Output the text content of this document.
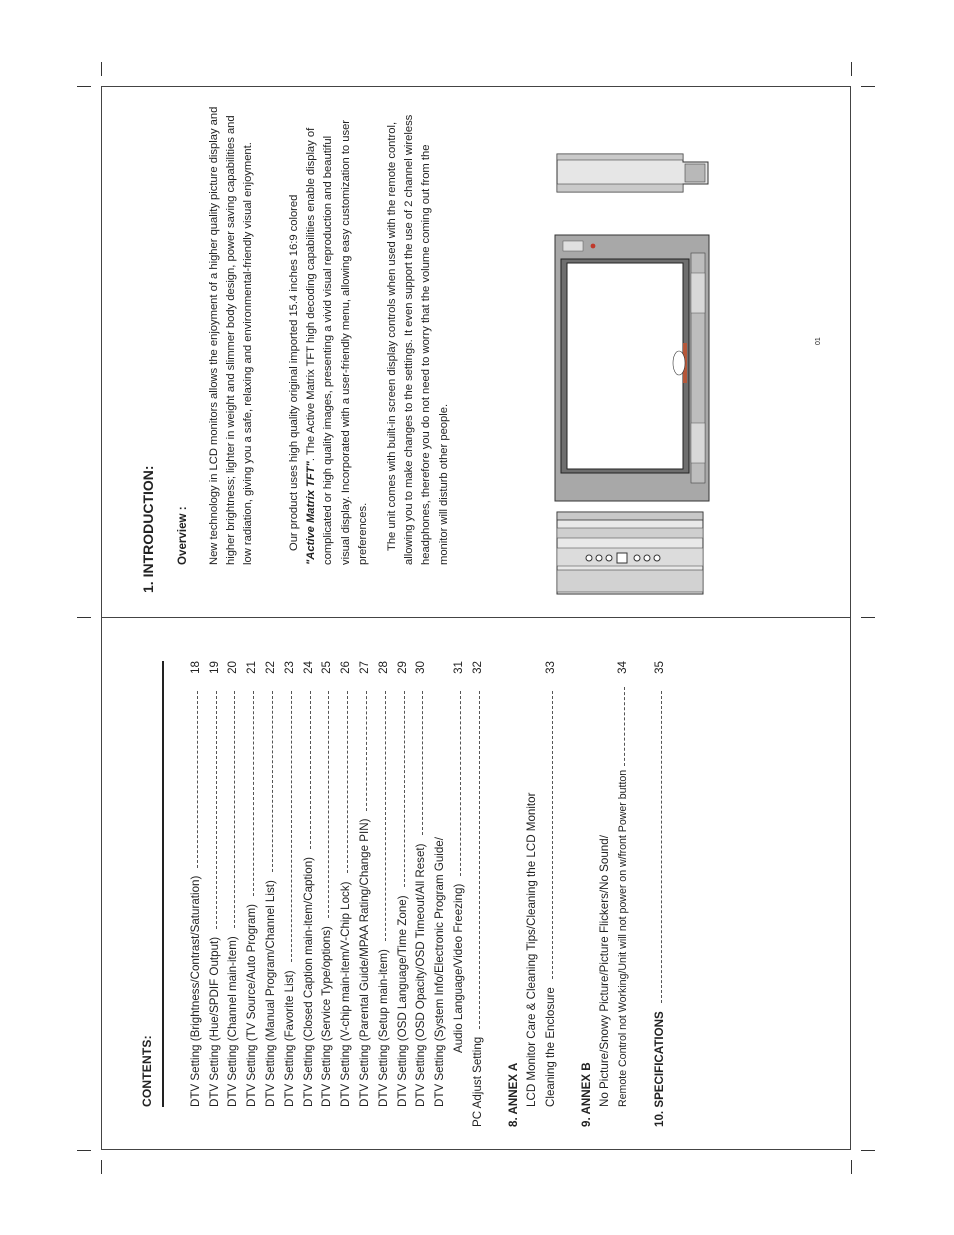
CONTENTS:	DTV Setting (Brightness/Contrast/Saturation)
18
DTV Setting (Hue/SPDIF Output)
19
DTV Setting (Channel main-item)
20
DTV Setting (TV Source/Auto Program)
21
DTV Setting (Manual Program/Channel List)
22
DTV Setting (Favorite List)
23
DTV Setting (Closed Caption main-item/Caption)
24
DTV Setting (Service Type/options)
25
DTV Setting (V-chip main-item/V-Chip Lock)
26
DTV Setting (Parental Guide/MPAA Rating/Change PIN)
27
DTV Setting (Setup main-item)
28
DTV Setting (OSD Language/Time Zone)
29
DTV Setting (OSD Opacity/OSD Timeout/All Reset)
30
DTV Setting (System Info/Electronic Program Guide/ Audio Language/Video Freezing)
31
PC Adjust Setting
32
8. ANNEX A LCD Monitor Care & Cleaning Tips/Cleaning the LCD Monitor Cleaning the Enclosure
33
9. ANNEX B No Picture/Snowy Picture/Picture Flickers/No Sound/ Remote Control not Working/Unit will not power on w/front Power button
34
10. SPECIFICATIONS
35
1. INTRODUCTION: Overview : New technology in LCD monitors allows the enjoyment of a higher quality picture display and higher brightness; lighter in weight and slimmer body design, power saving capabilities and low radiation, giving you a safe, relaxing and environmental-friendly visual enjoyment.	Our product uses high quality original imported 15.4 inches 16:9 colored "Active Matrix TFT". The Active Matrix TFT high decoding capabilities enable display of complicated or high quality images, presenting a vivid visual reproduction and beautiful visual display. Incorporated with a user-friendly menu, allowing easy customization to user preferences. The unit comes with built-in screen display controls when used with the remote control, allowing you to make changes to the settings. It even support the use of 2 channel wireless headphones, therefore you do not need to worry that the volume coming out from the monitor will disturb other people.
01
